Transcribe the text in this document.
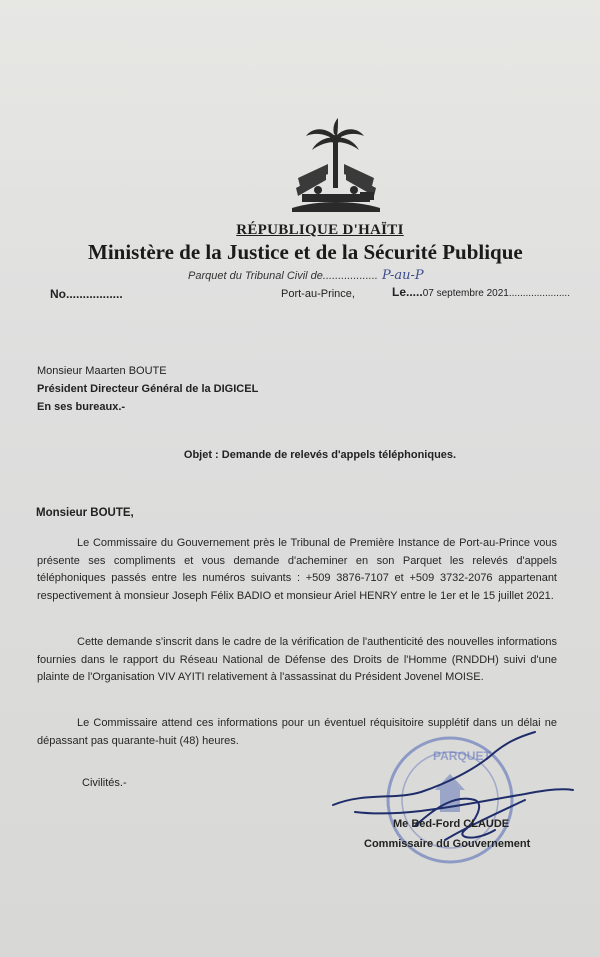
RÉPUBLIQUE D'HAÏTI
Ministère de la Justice et de la Sécurité Publique
Parquet du Tribunal Civil de.................. P-au-P
No.................	Port-au-Prince,	Le.....07 septembre 2021......................
Monsieur Maarten BOUTE
Président Directeur Général de la DIGICEL
En ses bureaux.-
Objet : Demande de relevés d'appels téléphoniques.
Monsieur BOUTE,

Le Commissaire du Gouvernement près le Tribunal de Première Instance de Port-au-Prince vous présente ses compliments et vous demande d'acheminer en son Parquet les relevés d'appels téléphoniques passés entre les numéros suivants : +509 3876-7107 et +509 3732-2076 appartenant respectivement à monsieur Joseph Félix BADIO et monsieur Ariel HENRY entre le 1er et le 15 juillet 2021.

Cette demande s'inscrit dans le cadre de la vérification de l'authenticité des nouvelles informations fournies dans le rapport du Réseau National de Défense des Droits de l'Homme (RNDDH) suivi d'une plainte de l'Organisation VIV AYITI relativement à l'assassinat du Président Jovenel MOISE.

Le Commissaire attend ces informations pour un éventuel réquisitoire supplétif dans un délai ne dépassant pas quarante-huit (48) heures.

Civilités.-
PARQUET
Me Bed-Ford CLAUDE
Commissaire du Gouvernement
